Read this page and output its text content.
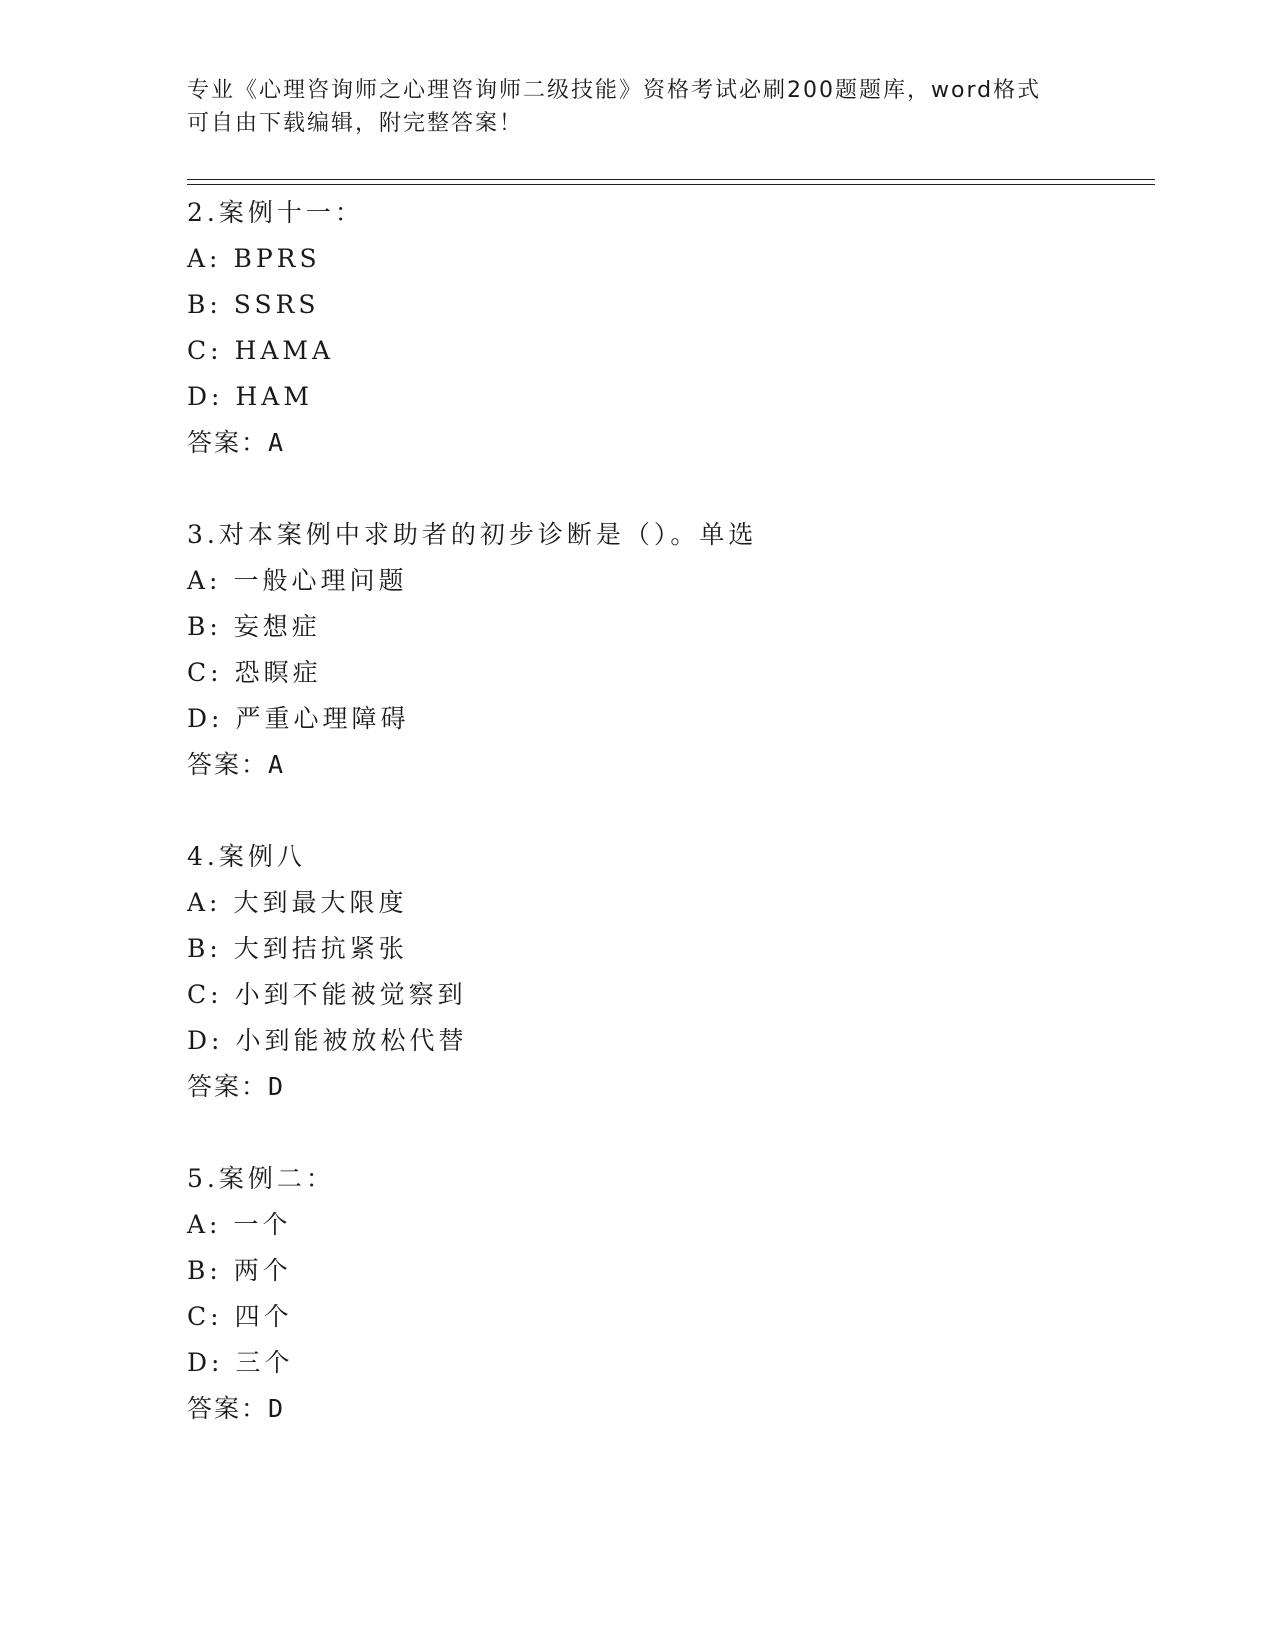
专业《心理咨询师之心理咨询师二级技能》资格考试必刷200题题库，word格式
可自由下载编辑，附完整答案！
2.案例十一：
A: BPRS
B: SSRS
C: HAMA
D: HAM
答案：A
3.对本案例中求助者的初步诊断是（）。单选
A: 一般心理问题
B: 妄想症
C: 恐瞑症
D: 严重心理障碍
答案：A
4.案例八
A: 大到最大限度
B: 大到拮抗紧张
C: 小到不能被觉察到
D: 小到能被放松代替
答案：D
5.案例二：
A: 一个
B: 两个
C: 四个
D: 三个
答案：D
